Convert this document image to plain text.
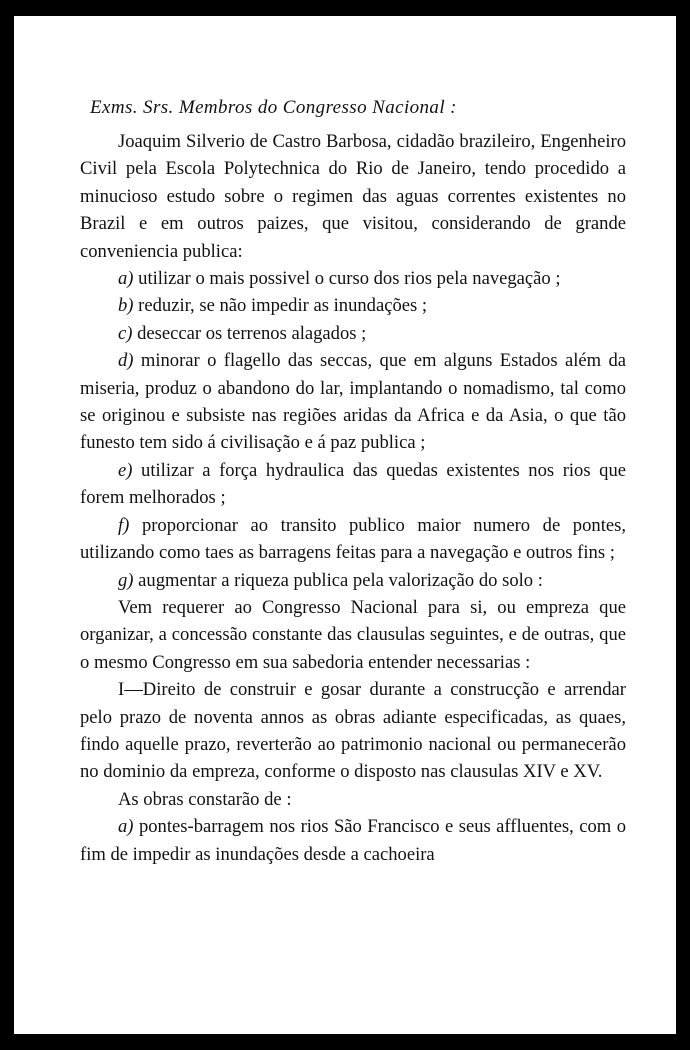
Exms. Srs. Membros do Congresso Nacional :

Joaquim Silverio de Castro Barbosa, cidadão brazileiro, Engenheiro Civil pela Escola Polytechnica do Rio de Janeiro, tendo procedido a minucioso estudo sobre o regimen das aguas correntes existentes no Brazil e em outros paizes, que visitou, considerando de grande conveniencia publica:

a) utilizar o mais possivel o curso dos rios pela navegação ;

b) reduzir, se não impedir as inundações ;

c) deseccar os terrenos alagados ;

d) minorar o flagello das seccas, que em alguns Estados além da miseria, produz o abandono do lar, implantando o nomadismo, tal como se originou e subsiste nas regiões aridas da Africa e da Asia, o que tão funesto tem sido á civilisação e á paz publica ;

e) utilizar a força hydraulica das quedas existentes nos rios que forem melhorados ;

f) proporcionar ao transito publico maior numero de pontes, utilizando como taes as barragens feitas para a navegação e outros fins ;

g) augmentar a riqueza publica pela valorização do solo :

Vem requerer ao Congresso Nacional para si, ou empreza que organizar, a concessão constante das clausulas seguintes, e de outras, que o mesmo Congresso em sua sabedoria entender necessarias :

I—Direito de construir e gosar durante a construcção e arrendar pelo prazo de noventa annos as obras adiante especificadas, as quaes, findo aquelle prazo, reverterão ao patrimonio nacional ou permanecerão no dominio da empreza, conforme o disposto nas clausulas XIV e XV.

As obras constarão de :

a) pontes-barragem nos rios São Francisco e seus affluentes, com o fim de impedir as inundações desde a cachoeira
